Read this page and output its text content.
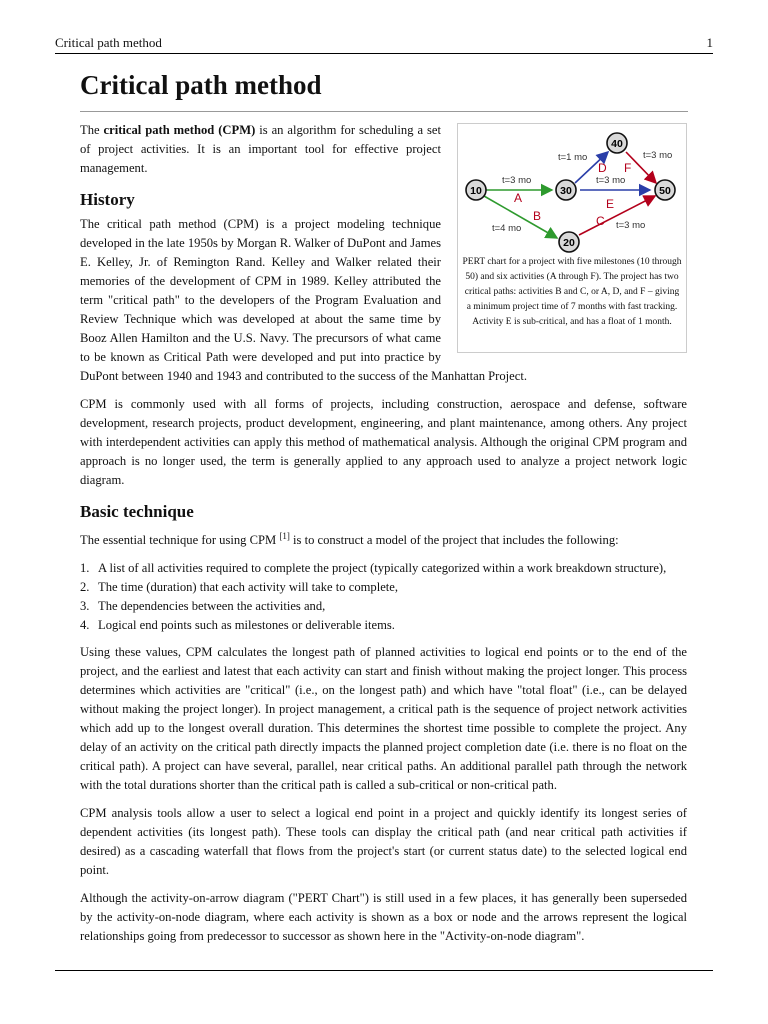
Critical path method	1
Critical path method
10
20
30
40
50
t=3 mo
t=4 mo	t=3 mo
t=1 mo
t=3 mo
t=3 mo
A
B	C
D
E
F
PERT chart for a project with five milestones (10 through 50) and six activities (A through F). The project has two critical paths: activities B and C, or A, D, and F – giving a minimum project time of 7 months with fast tracking. Activity E is sub-critical, and has a float of 1 month.

The critical path method (CPM) is an algorithm for scheduling a set of project activities. It is an important tool for effective project management.

History

The critical path method (CPM) is a project modeling technique developed in the late 1950s by Morgan R. Walker of DuPont and James E. Kelley, Jr. of Remington Rand. Kelley and Walker related their memories of the development of CPM in 1989. Kelley attributed the term "critical path" to the developers of the Program Evaluation and Review Technique which was developed at about the same time by Booz Allen Hamilton and the U.S. Navy. The precursors of what came to be known as Critical Path were developed and put into practice by DuPont between 1940 and 1943 and contributed to the success of the Manhattan Project.

CPM is commonly used with all forms of projects, including construction, aerospace and defense, software development, research projects, product development, engineering, and plant maintenance, among others. Any project with interdependent activities can apply this method of mathematical analysis. Although the original CPM program and approach is no longer used, the term is generally applied to any approach used to analyze a project network logic diagram.

Basic technique

The essential technique for using CPM [1] is to construct a model of the project that includes the following:

1. A list of all activities required to complete the project (typically categorized within a work breakdown structure),
2. The time (duration) that each activity will take to complete,
3. The dependencies between the activities and,
4. Logical end points such as milestones or deliverable items.

Using these values, CPM calculates the longest path of planned activities to logical end points or to the end of the project, and the earliest and latest that each activity can start and finish without making the project longer. This process determines which activities are "critical" (i.e., on the longest path) and which have "total float" (i.e., can be delayed without making the project longer). In project management, a critical path is the sequence of project network activities which add up to the longest overall duration. This determines the shortest time possible to complete the project. Any delay of an activity on the critical path directly impacts the planned project completion date (i.e. there is no float on the critical path). A project can have several, parallel, near critical paths. An additional parallel path through the network with the total durations shorter than the critical path is called a sub-critical or non-critical path.

CPM analysis tools allow a user to select a logical end point in a project and quickly identify its longest series of dependent activities (its longest path). These tools can display the critical path (and near critical path activities if desired) as a cascading waterfall that flows from the project's start (or current status date) to the selected logical end point.

Although the activity-on-arrow diagram ("PERT Chart") is still used in a few places, it has generally been superseded by the activity-on-node diagram, where each activity is shown as a box or node and the arrows represent the logical relationships going from predecessor to successor as shown here in the "Activity-on-node diagram".
